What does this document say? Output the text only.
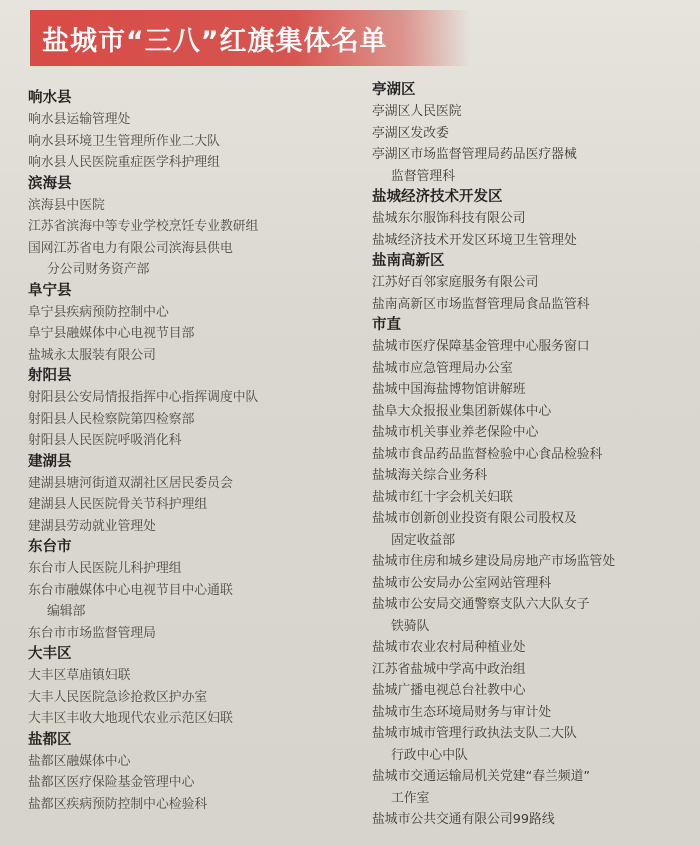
盐城市“三八”红旗集体名单
响水县
响水县运输管理处
响水县环境卫生管理所作业二大队
响水县人民医院重症医学科护理组
滨海县
滨海县中医院
江苏省滨海中等专业学校烹饪专业教研组
国网江苏省电力有限公司滨海县供电
分公司财务资产部
阜宁县
阜宁县疾病预防控制中心
阜宁县融媒体中心电视节目部
盐城永太服装有限公司
射阳县
射阳县公安局情报指挥中心指挥调度中队
射阳县人民检察院第四检察部
射阳县人民医院呼吸消化科
建湖县
建湖县塘河街道双湖社区居民委员会
建湖县人民医院骨关节科护理组
建湖县劳动就业管理处
东台市
东台市人民医院儿科护理组
东台市融媒体中心电视节目中心通联
编辑部
东台市市场监督管理局
大丰区
大丰区草庙镇妇联
大丰人民医院急诊抢救区护办室
大丰区丰收大地现代农业示范区妇联
盐都区
盐都区融媒体中心
盐都区医疗保险基金管理中心
盐都区疾病预防控制中心检验科
亭湖区
亭湖区人民医院
亭湖区发改委
亭湖区市场监督管理局药品医疗器械
监督管理科
盐城经济技术开发区
盐城东尔服饰科技有限公司
盐城经济技术开发区环境卫生管理处
盐南高新区
江苏好百邻家庭服务有限公司
盐南高新区市场监督管理局食品监管科
市直
盐城市医疗保障基金管理中心服务窗口
盐城市应急管理局办公室
盐城中国海盐博物馆讲解班
盐阜大众报报业集团新媒体中心
盐城市机关事业养老保险中心
盐城市食品药品监督检验中心食品检验科
盐城海关综合业务科
盐城市红十字会机关妇联
盐城市创新创业投资有限公司股权及
固定收益部
盐城市住房和城乡建设局房地产市场监管处
盐城市公安局办公室网站管理科
盐城市公安局交通警察支队六大队女子
铁骑队
盐城市农业农村局种植业处
江苏省盐城中学高中政治组
盐城广播电视总台社教中心
盐城市生态环境局财务与审计处
盐城市城市管理行政执法支队二大队
行政中心中队
盐城市交通运输局机关党建“春兰频道”
工作室
盐城市公共交通有限公司99路线
